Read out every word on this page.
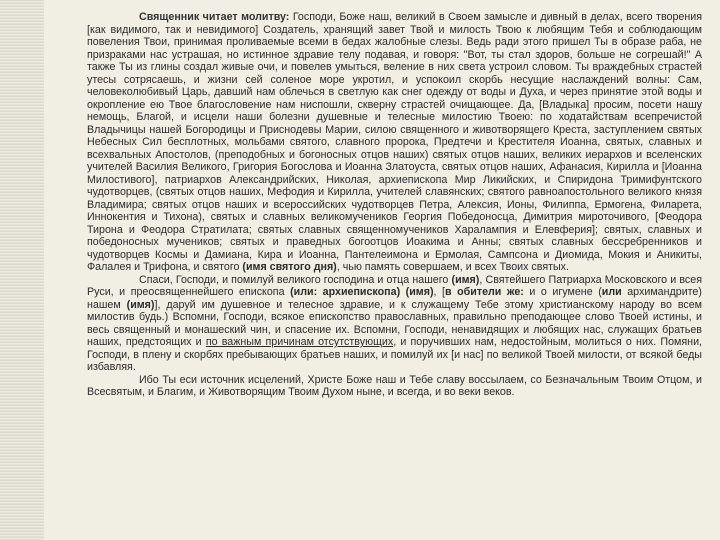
Священник читает молитву: Господи, Боже наш, великий в Своем замысле и дивный в делах, всего творения [как видимого, так и невидимого] Создатель, хранящий завет Твой и милость Твою к любящим Тебя и соблюдающим повеления Твои, принимая проливаемые всеми в бедах жалобные слезы. Ведь ради этого пришел Ты в образе раба, не призраками нас устрашая, но истинное здравие телу подавая, и говоря: "Вот, ты стал здоров, больше не согрешай!" А также Ты из глины создал живые очи, и повелев умыться, веление в них света устроил словом. Ты враждебных страстей утесы сотрясаешь, и жизни сей соленое море укротил, и успокоил скорбь несущие наслаждений волны: Сам, человеколюбивый Царь, давший нам облечься в светлую как снег одежду от воды и Духа, и через принятие этой воды и окропление ею Твое благословение нам ниспошли, скверну страстей очищающее. Да, [Владыка] просим, посети нашу немощь, Благой, и исцели наши болезни душевные и телесные милостию Твоею: по ходатайствам всепречистой Владычицы нашей Богородицы и Приснодевы Марии, силою священного и животворящего Креста, заступлением святых Небесных Сил бесплотных, мольбами святого, славного пророка, Предтечи и Крестителя Иоанна, святых, славных и всехвальных Апостолов, (преподобных и богоносных отцов наших) святых отцов наших, великих иерархов и вселенских учителей Василия Великого, Григория Богослова и Иоанна Златоуста, святых отцов наших, Афанасия, Кирилла и [Иоанна Милостивого], патриархов Александрийских, Николая, архиепископа Мир Ликийских, и Спиридона Тримифунтского чудотворцев, (святых отцов наших, Мефодия и Кирилла, учителей славянских; святого равноапостольного великого князя Владимира; святых отцов наших и всероссийских чудотворцев Петра, Алексия, Ионы, Филиппа, Ермогена, Филарета, Иннокентия и Тихона), святых и славных великомучеников Георгия Победоносца, Димитрия мироточивого, [Феодора Тирона и Феодора Стратилата; святых славных священномучеников Харалампия и Елевферия]; святых, славных и победоносных мучеников; святых и праведных богоотцов Иоакима и Анны; святых славных бессребренников и чудотворцев Космы и Дамиана, Кира и Иоанна, Пантелеимона и Ермолая, Сампсона и Диомида, Мокия и Аникиты, Фалалея и Трифона, и святого (имя святого дня), чью память совершаем, и всех Твоих святых.

Спаси, Господи, и помилуй великого господина и отца нашего (имя), Святейшего Патриарха Московского и всея Руси, и преосвященнейшего епископа (или: архиепископа) (имя), [в обители же: и о игумене (или архимандрите) нашем (имя)], даруй им душевное и телесное здравие, и к служащему Тебе этому христианскому народу во всем милостив будь.) Вспомни, Господи, всякое епископство православных, правильно преподающее слово Твоей истины, и весь священный и монашеский чин, и спасение их. Вспомни, Господи, ненавидящих и любящих нас, служащих братьев наших, предстоящих и по важным причинам отсутствующих, и поручивших нам, недостойным, молиться о них. Помяни, Господи, в плену и скорбях пребывающих братьев наших, и помилуй их [и нас] по великой Твоей милости, от всякой беды избавляя.

Ибо Ты еси источник исцелений, Христе Боже наш и Тебе славу воссылаем, со Безначальным Твоим Отцом, и Всесвятым, и Благим, и Животворящим Твоим Духом ныне, и всегда, и во веки веков.
